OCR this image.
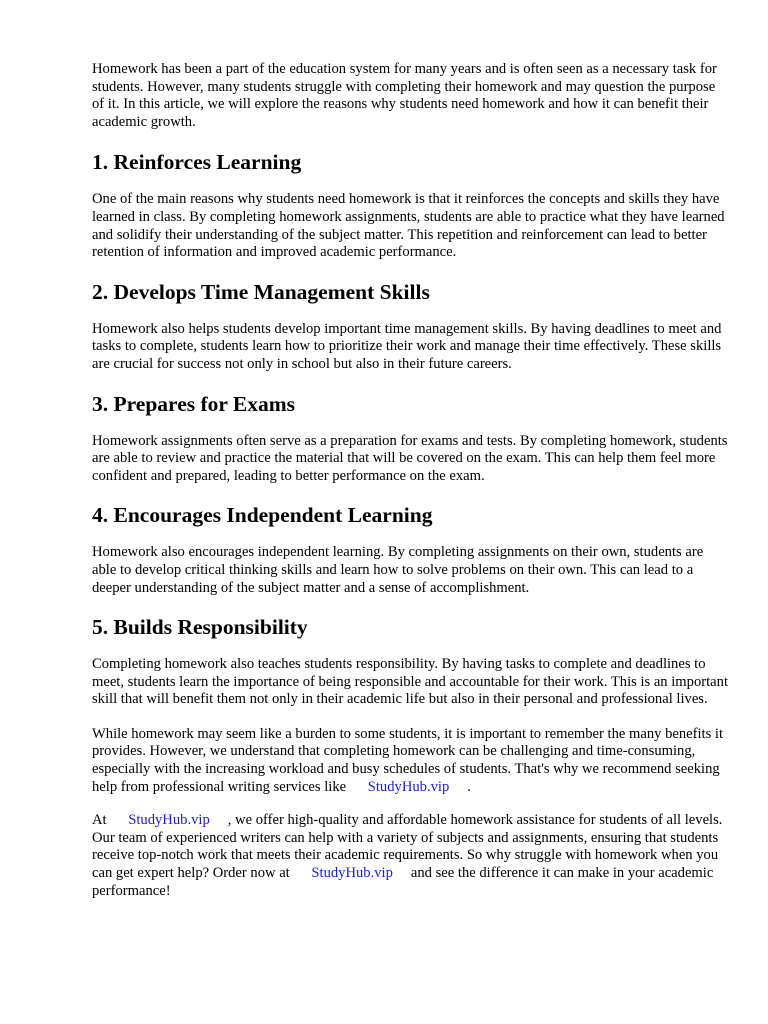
Homework has been a part of the education system for many years and is often seen as a necessary task for students. However, many students struggle with completing their homework and may question the purpose of it. In this article, we will explore the reasons why students need homework and how it can benefit their academic growth.

1. Reinforces Learning

One of the main reasons why students need homework is that it reinforces the concepts and skills they have learned in class. By completing homework assignments, students are able to practice what they have learned and solidify their understanding of the subject matter. This repetition and reinforcement can lead to better retention of information and improved academic performance.

2. Develops Time Management Skills

Homework also helps students develop important time management skills. By having deadlines to meet and tasks to complete, students learn how to prioritize their work and manage their time effectively. These skills are crucial for success not only in school but also in their future careers.

3. Prepares for Exams

Homework assignments often serve as a preparation for exams and tests. By completing homework, students are able to review and practice the material that will be covered on the exam. This can help them feel more confident and prepared, leading to better performance on the exam.

4. Encourages Independent Learning

Homework also encourages independent learning. By completing assignments on their own, students are able to develop critical thinking skills and learn how to solve problems on their own. This can lead to a deeper understanding of the subject matter and a sense of accomplishment.

5. Builds Responsibility

Completing homework also teaches students responsibility. By having tasks to complete and deadlines to meet, students learn the importance of being responsible and accountable for their work. This is an important skill that will benefit them not only in their academic life but also in their personal and professional lives.

While homework may seem like a burden to some students, it is important to remember the many benefits it provides. However, we understand that completing homework can be challenging and time-consuming, especially with the increasing workload and busy schedules of students. That's why we recommend seeking help from professional writing services like StudyHub.vip .

At StudyHub.vip , we offer high-quality and affordable homework assistance for students of all levels. Our team of experienced writers can help with a variety of subjects and assignments, ensuring that students receive top-notch work that meets their academic requirements. So why struggle with homework when you can get expert help? Order now at StudyHub.vip and see the difference it can make in your academic performance!
